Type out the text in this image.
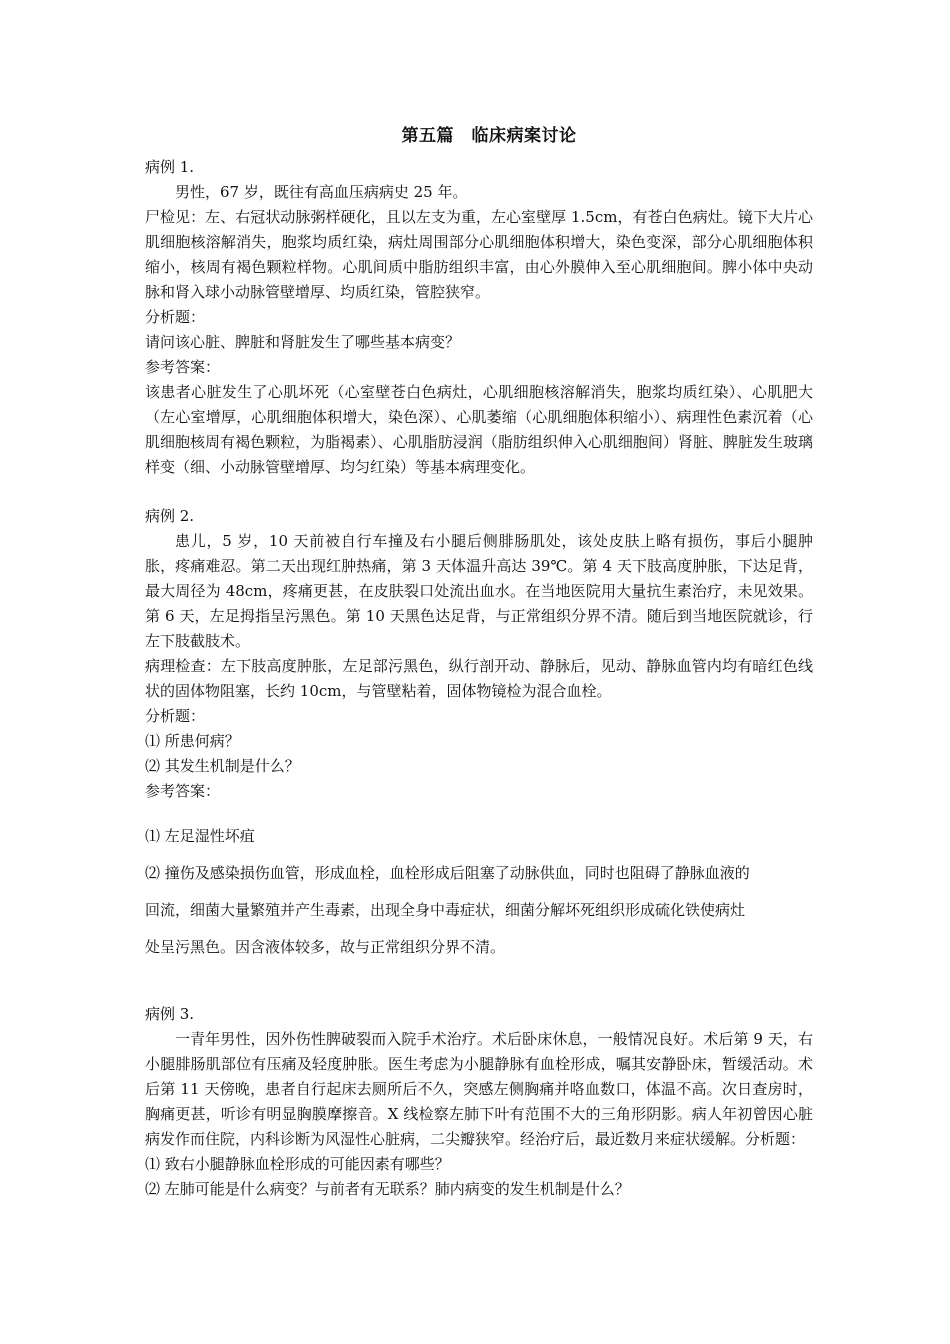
第五篇　临床病案讨论

病例 1.

男性，67 岁，既往有高血压病病史 25 年。

尸检见：左、右冠状动脉粥样硬化，且以左支为重，左心室壁厚 1.5cm，有苍白色病灶。镜下大片心肌细胞核溶解消失，胞浆均质红染，病灶周围部分心肌细胞体积增大，染色变深，部分心肌细胞体积缩小，核周有褐色颗粒样物。心肌间质中脂肪组织丰富，由心外膜伸入至心肌细胞间。脾小体中央动脉和肾入球小动脉管壁增厚、均质红染，管腔狭窄。

分析题：

请问该心脏、脾脏和肾脏发生了哪些基本病变？

参考答案：

该患者心脏发生了心肌坏死（心室壁苍白色病灶，心肌细胞核溶解消失，胞浆均质红染）、心肌肥大（左心室增厚，心肌细胞体积增大，染色深）、心肌萎缩（心肌细胞体积缩小）、病理性色素沉着（心肌细胞核周有褐色颗粒，为脂褐素）、心肌脂肪浸润（脂肪组织伸入心肌细胞间）肾脏、脾脏发生玻璃样变（细、小动脉管壁增厚、均匀红染）等基本病理变化。

病例 2.

患儿，5 岁，10 天前被自行车撞及右小腿后侧腓肠肌处，该处皮肤上略有损伤，事后小腿肿胀，疼痛难忍。第二天出现红肿热痛，第 3 天体温升高达 39℃。第 4 天下肢高度肿胀，下达足背，最大周径为 48cm，疼痛更甚，在皮肤裂口处流出血水。在当地医院用大量抗生素治疗，未见效果。第 6 天，左足拇指呈污黑色。第 10 天黑色达足背，与正常组织分界不清。随后到当地医院就诊，行左下肢截肢术。

病理检查：左下肢高度肿胀，左足部污黑色，纵行剖开动、静脉后，见动、静脉血管内均有暗红色线状的固体物阻塞，长约 10cm，与管壁粘着，固体物镜检为混合血栓。

分析题：

⑴ 所患何病？

⑵ 其发生机制是什么？

参考答案：

⑴ 左足湿性坏疽

⑵ 撞伤及感染损伤血管，形成血栓，血栓形成后阻塞了动脉供血，同时也阻碍了静脉血液的

回流，细菌大量繁殖并产生毒素，出现全身中毒症状，细菌分解坏死组织形成硫化铁使病灶

处呈污黑色。因含液体较多，故与正常组织分界不清。

病例 3.

一青年男性，因外伤性脾破裂而入院手术治疗。术后卧床休息，一般情况良好。术后第 9 天，右小腿腓肠肌部位有压痛及轻度肿胀。医生考虑为小腿静脉有血栓形成，嘱其安静卧床，暂缓活动。术后第 11 天傍晚，患者自行起床去厕所后不久，突感左侧胸痛并咯血数口，体温不高。次日查房时，胸痛更甚，听诊有明显胸膜摩擦音。X 线检察左肺下叶有范围不大的三角形阴影。病人年初曾因心脏病发作而住院，内科诊断为风湿性心脏病，二尖瓣狭窄。经治疗后，最近数月来症状缓解。分析题：

⑴ 致右小腿静脉血栓形成的可能因素有哪些？

⑵ 左肺可能是什么病变？与前者有无联系？肺内病变的发生机制是什么？
